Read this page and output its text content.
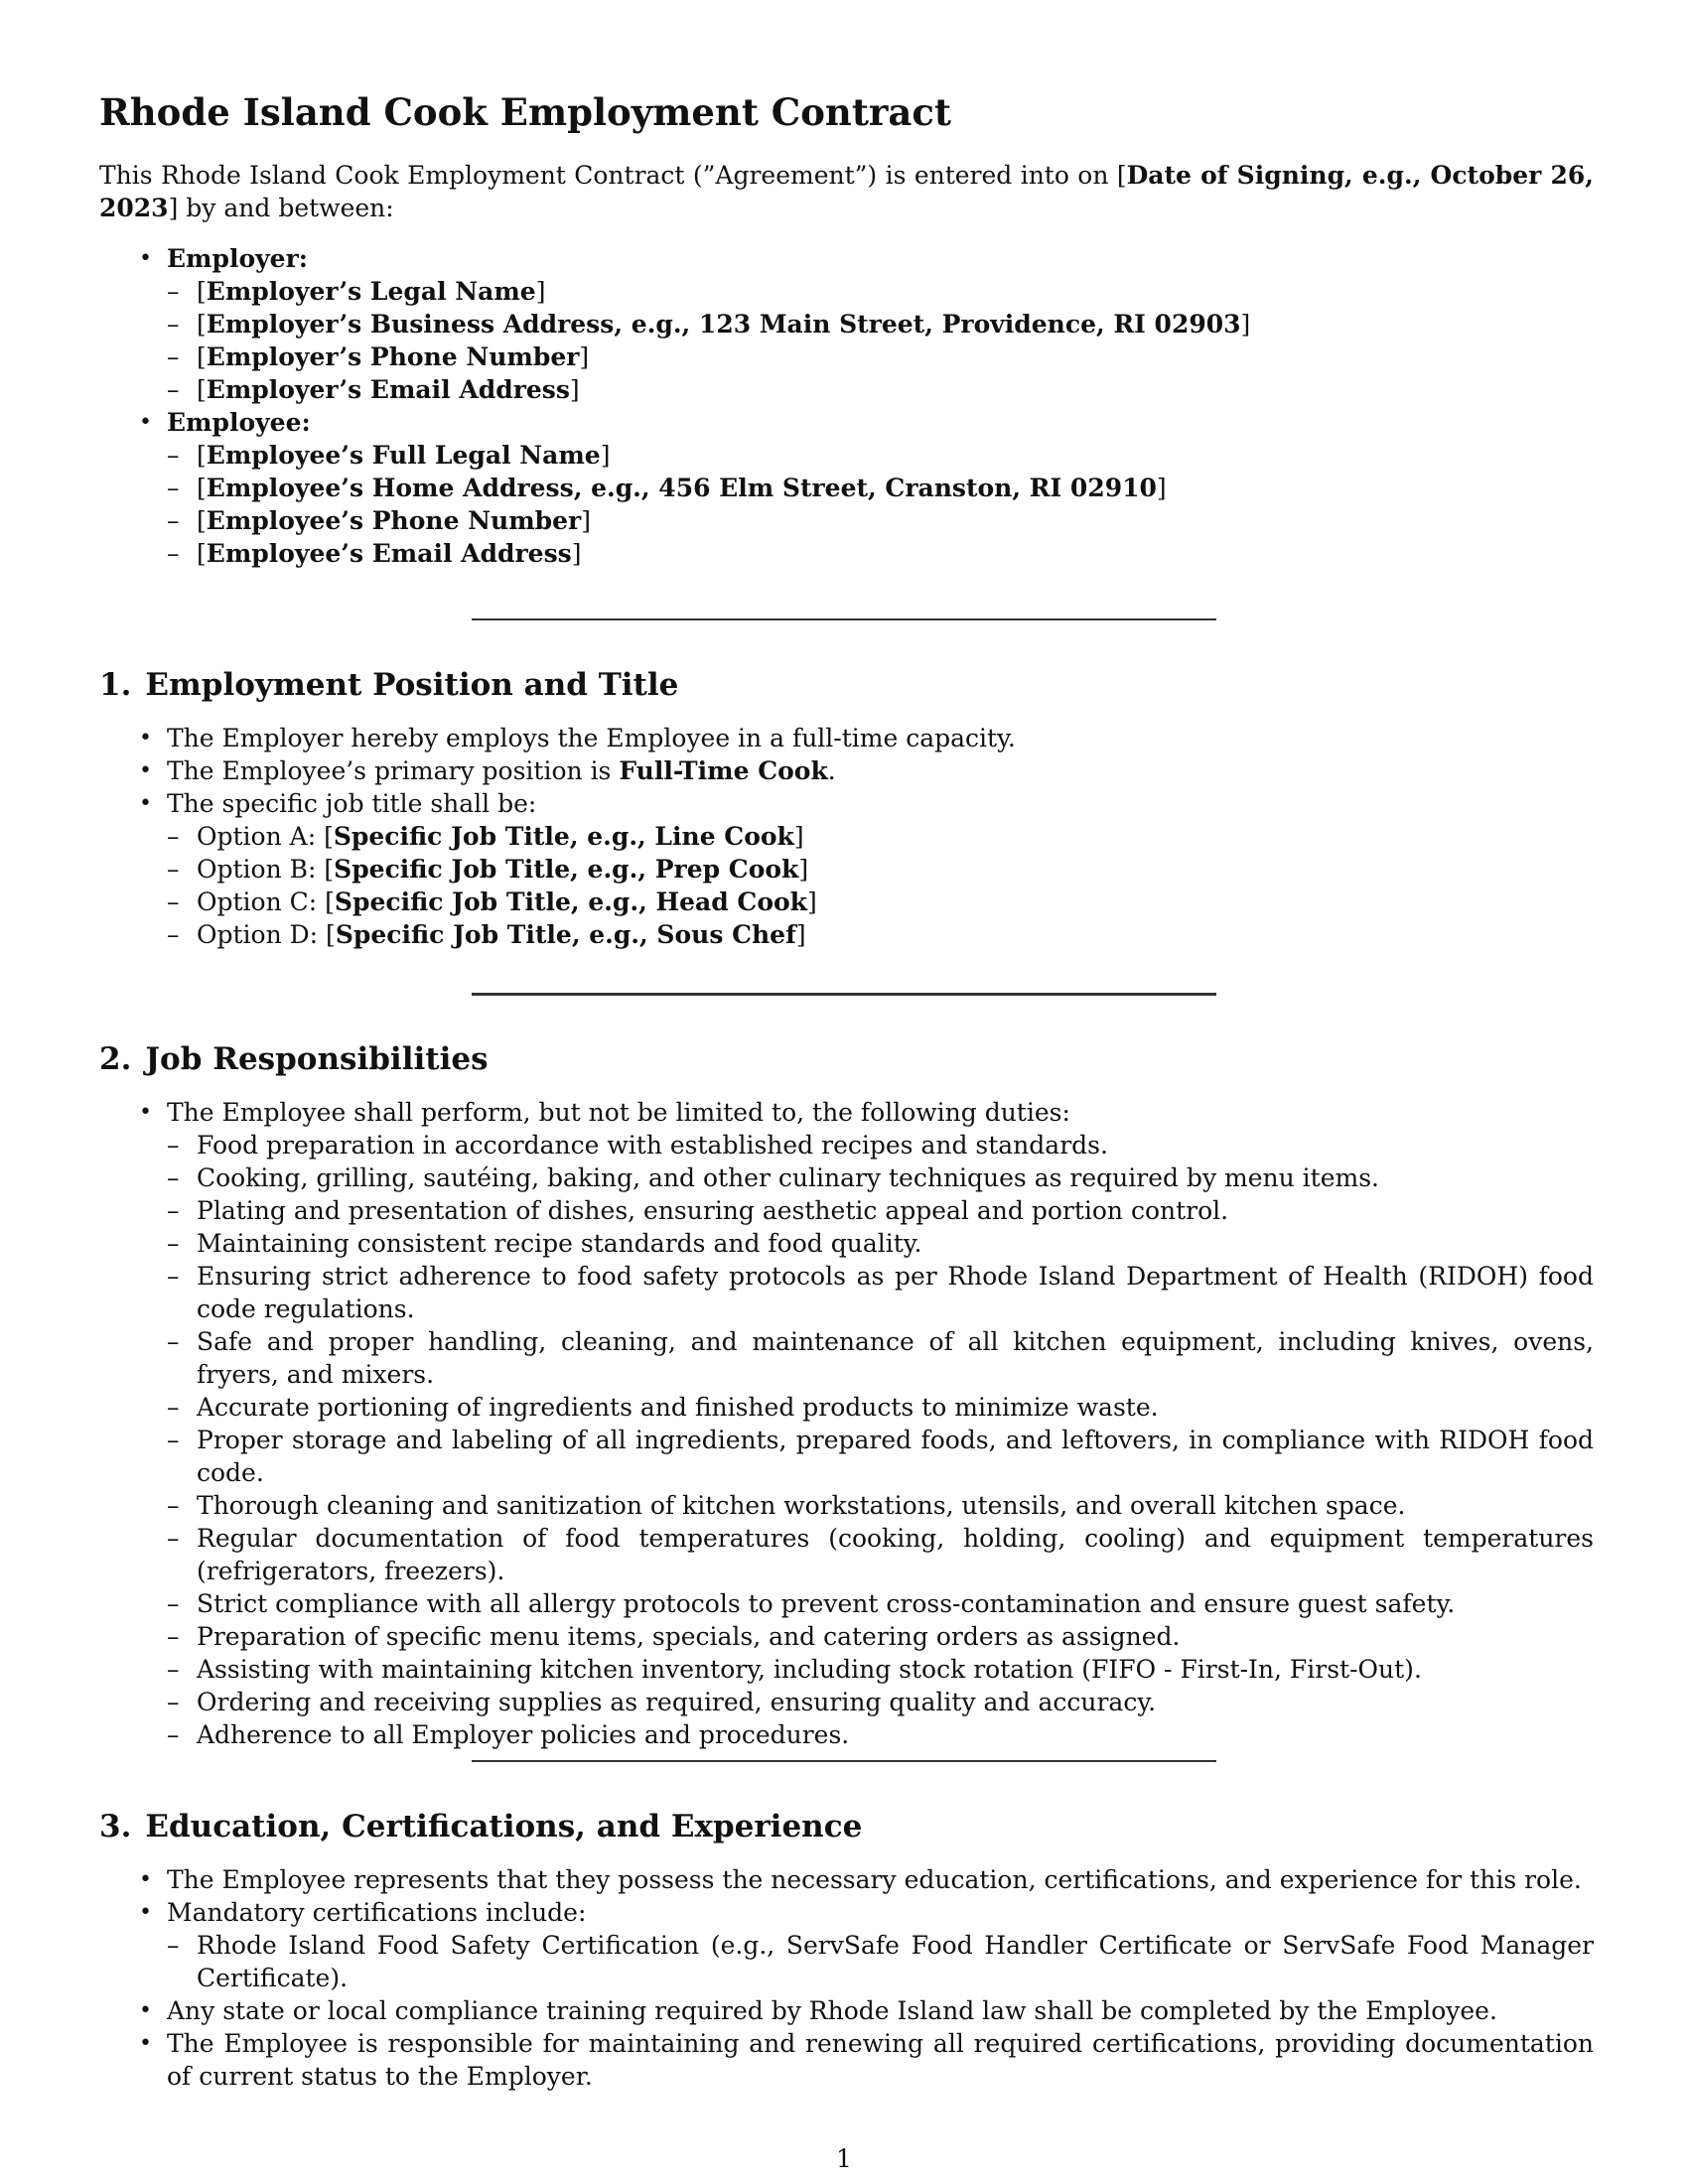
Rhode Island Cook Employment Contract

This Rhode Island Cook Employment Contract (”Agreement”) is entered into on [Date of Signing, e.g., October 26, 2023] by and between:

• Employer:
– [Employer’s Legal Name]
– [Employer’s Business Address, e.g., 123 Main Street, Providence, RI 02903]
– [Employer’s Phone Number]
– [Employer’s Email Address]
• Employee:
– [Employee’s Full Legal Name]
– [Employee’s Home Address, e.g., 456 Elm Street, Cranston, RI 02910]
– [Employee’s Phone Number]
– [Employee’s Email Address]
1. Employment Position and Title
• The Employer hereby employs the Employee in a full-time capacity.
• The Employee’s primary position is Full-Time Cook.
• The specific job title shall be:
– Option A: [Specific Job Title, e.g., Line Cook]
– Option B: [Specific Job Title, e.g., Prep Cook]
– Option C: [Specific Job Title, e.g., Head Cook]
– Option D: [Specific Job Title, e.g., Sous Chef]
2. Job Responsibilities
• The Employee shall perform, but not be limited to, the following duties:
– Food preparation in accordance with established recipes and standards.
– Cooking, grilling, sautéing, baking, and other culinary techniques as required by menu items.
– Plating and presentation of dishes, ensuring aesthetic appeal and portion control.
– Maintaining consistent recipe standards and food quality.
– Ensuring strict adherence to food safety protocols as per Rhode Island Department of Health (RIDOH) food code regulations.
– Safe and proper handling, cleaning, and maintenance of all kitchen equipment, including knives, ovens, fryers, and mixers.
– Accurate portioning of ingredients and finished products to minimize waste.
– Proper storage and labeling of all ingredients, prepared foods, and leftovers, in compliance with RIDOH food code.
– Thorough cleaning and sanitization of kitchen workstations, utensils, and overall kitchen space.
– Regular documentation of food temperatures (cooking, holding, cooling) and equipment temperatures (refrigerators, freezers).
– Strict compliance with all allergy protocols to prevent cross-contamination and ensure guest safety.
– Preparation of specific menu items, specials, and catering orders as assigned.
– Assisting with maintaining kitchen inventory, including stock rotation (FIFO - First-In, First-Out).
– Ordering and receiving supplies as required, ensuring quality and accuracy.
– Adherence to all Employer policies and procedures.
3. Education, Certifications, and Experience
• The Employee represents that they possess the necessary education, certifications, and experience for this role.
• Mandatory certifications include:
– Rhode Island Food Safety Certification (e.g., ServSafe Food Handler Certificate or ServSafe Food Manager Certificate).
• Any state or local compliance training required by Rhode Island law shall be completed by the Employee.
• The Employee is responsible for maintaining and renewing all required certifications, providing documentation of current status to the Employer.
1
